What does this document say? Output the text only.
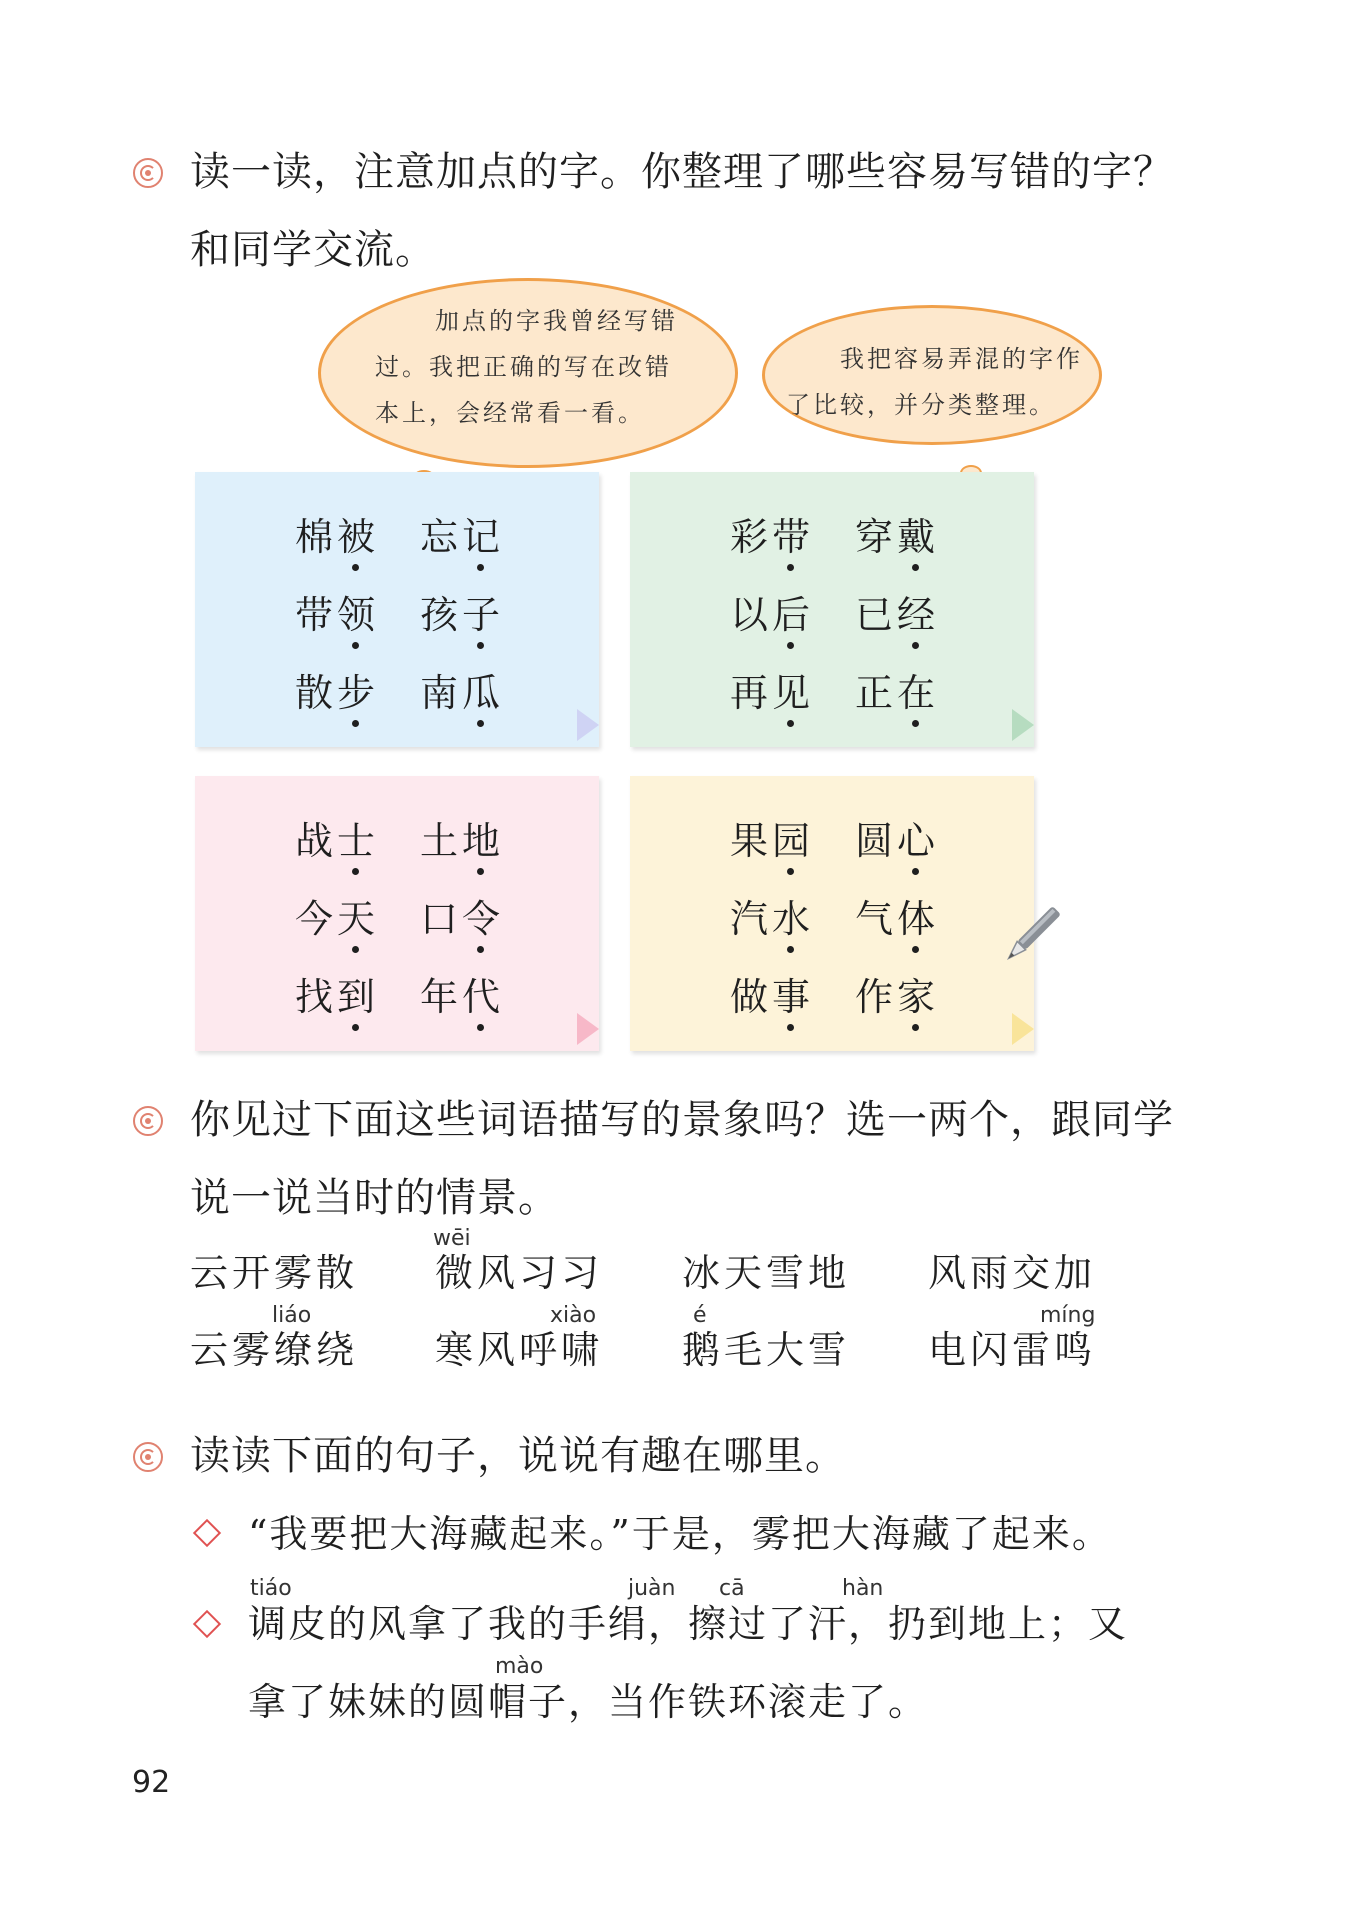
读一读，注意加点的字。你整理了哪些容易写错的字？
和同学交流。
加点的字我曾经写错
过。我把正确的写在改错
本上，会经常看一看。
我把容易弄混的字作
了比较，并分类整理。
棉被 忘记
带领 孩子
散步 南瓜
彩带 穿戴
以后 已经
再见 正在
战士 土地
今天 口令
找到 年代
果园 圆心
汽水 气体
做事 作家
你见过下面这些词语描写的景象吗？选一两个，跟同学
说一说当时的情景。
wēi
云开雾散 微风习习 冰天雪地 风雨交加
liáo	xiào	é	míng
云雾缭绕 寒风呼啸 鹅毛大雪 电闪雷鸣
读读下面的句子，说说有趣在哪里。
“我要把大海藏起来。”于是，雾把大海藏了起来。
tiáo	juàn cā	hàn
调皮的风拿了我的手绢，擦过了汗，扔到地上；又
mào
拿了妹妹的圆帽子，当作铁环滚走了。
92
